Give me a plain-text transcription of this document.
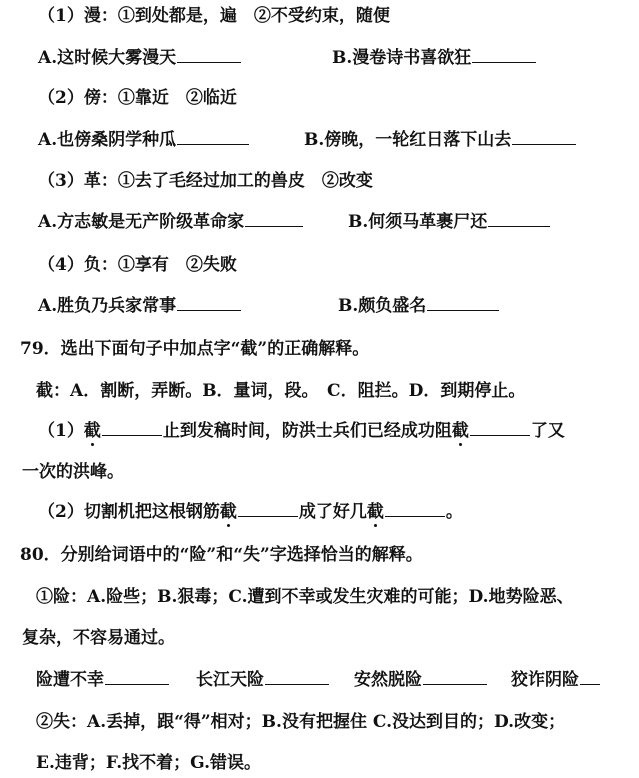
（1）漫：①到处都是，遍　②不受约束，随便
A.这时候大雾漫天	B.漫卷诗书喜欲狂
（2）傍：①靠近　②临近
A.也傍桑阴学种瓜	B.傍晚，一轮红日落下山去
（3）革：①去了毛经过加工的兽皮　②改变
A.方志敏是无产阶级革命家	B.何须马革裹尸还
（4）负：①享有　②失败
A.胜负乃兵家常事	B.颇负盛名
79．选出下面句子中加点字“截”的正确解释。
截：A．割断，弄断。B．量词，段。　C．阻拦。D．到期停止。
（1）截	止到发稿时间，防洪士兵们已经成功阻截	了又
一次的洪峰。
（2）切割机把这根钢筋截	成了好几截	。
80．分别给词语中的“险”和“失”字选择恰当的解释。
①险：A.险些；B.狠毒；C.遭到不幸或发生灾难的可能；D.地势险恶、
复杂，不容易通过。
险遭不幸	长江天险	安然脱险	狡诈阴险
②失：A.丢掉，跟“得”相对；B.没有把握住 C.没达到目的；D.改变；
E.违背；F.找不着；G.错误。
